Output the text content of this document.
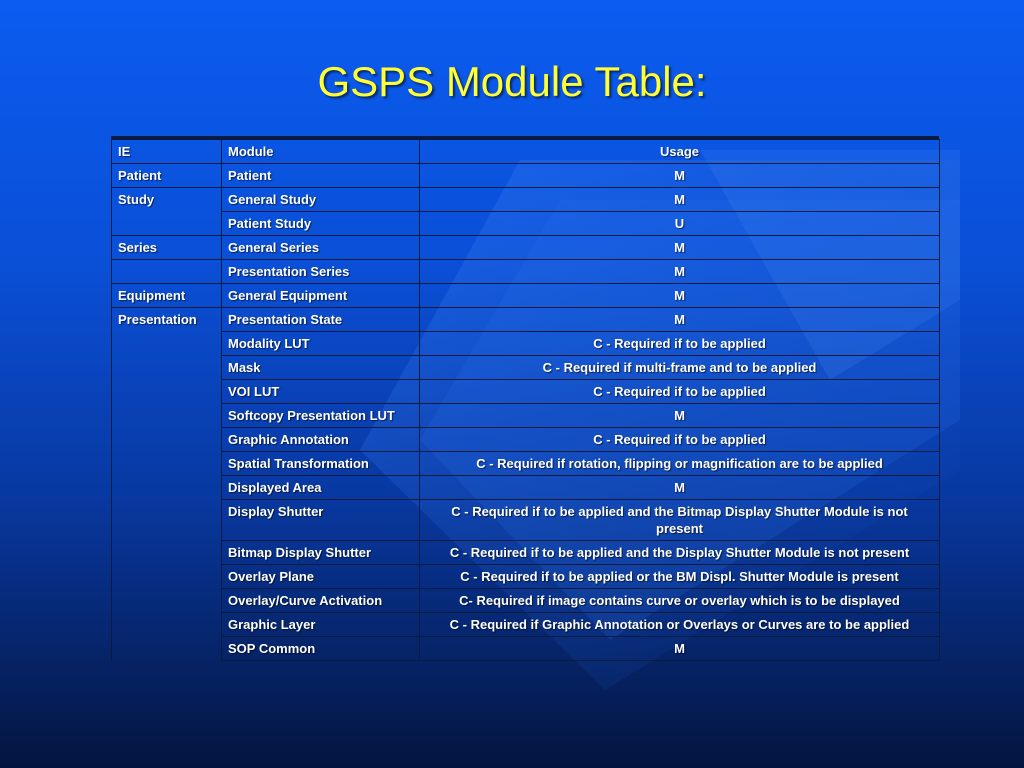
GSPS Module Table:
IE	Module	Usage
Patient	Patient	M
Study	General Study	M
	Patient Study	U
Series	General Series	M
	Presentation Series	M
Equipment	General Equipment	M
Presentation	Presentation State	M
	Modality LUT	C - Required if to be applied
	Mask	C - Required if multi-frame and to be applied
	VOI LUT	C - Required if to be applied
	Softcopy Presentation LUT	M
	Graphic Annotation	C - Required if to be applied
	Spatial Transformation	C - Required if rotation, flipping or magnification are to be applied
	Displayed Area	M
	Display Shutter	C - Required if to be applied and the Bitmap Display Shutter Module is not present
	Bitmap Display Shutter	C - Required if to be applied and the Display Shutter Module is not present
	Overlay Plane	C - Required if to be applied or the BM Displ. Shutter Module is present
	Overlay/Curve Activation	C- Required if image contains curve or overlay which is to be displayed
	Graphic Layer	C - Required if Graphic Annotation or Overlays or Curves are to be applied
	SOP Common	M
